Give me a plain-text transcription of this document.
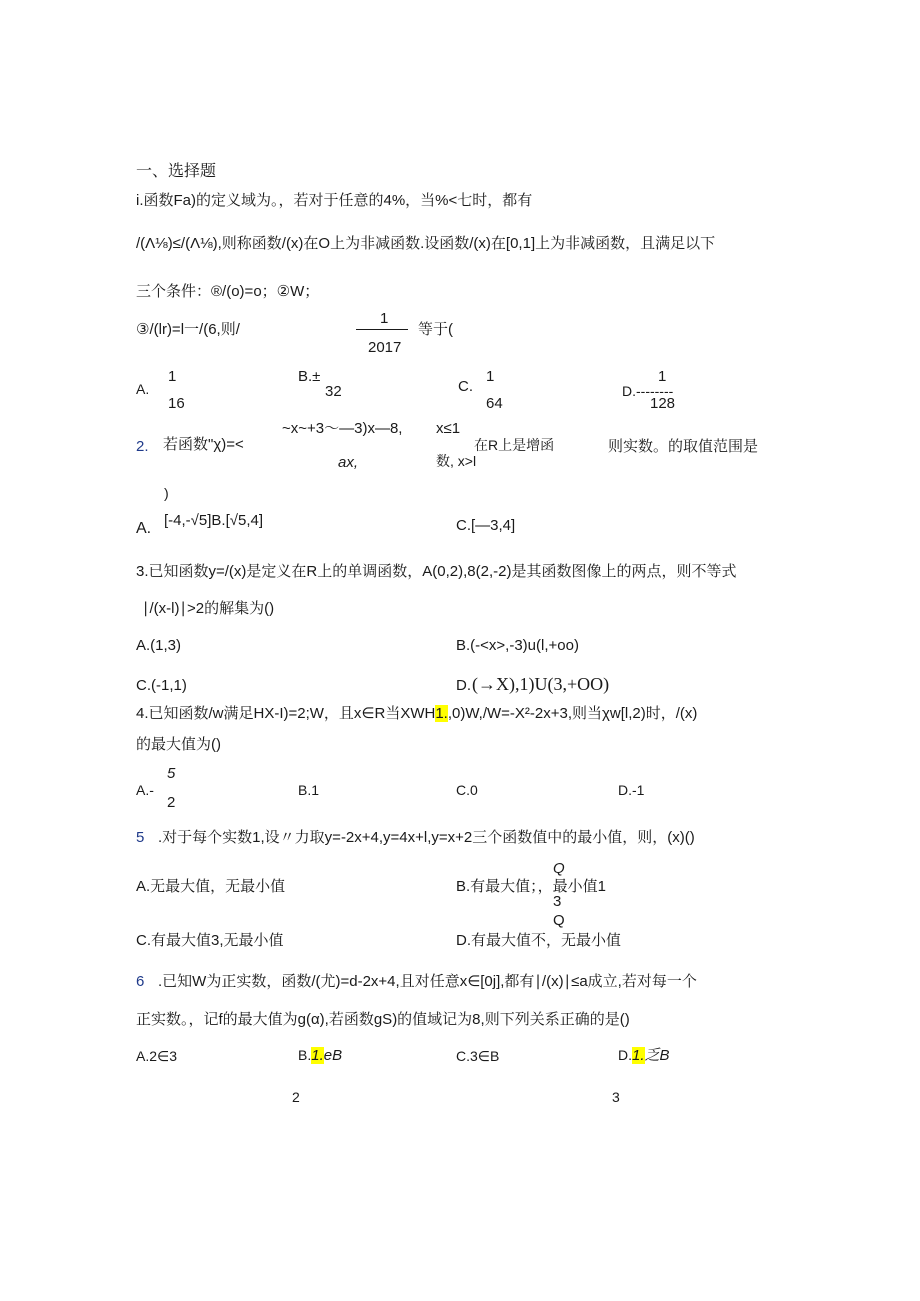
一、选择题
i.函数Fa)的定义域为。，若对于任意的4%，当%<七时，都有
/(Λ⅛)≤/(Λ⅛),则称函数/(x)在O上为非减函数.设函数/(x)在[0,1]上为非减函数，且满足以下
三个条件：®/(o)=o；②W；
③/(lr)=l一/(6,则/
1
2017
等于(
A.
1
16
B.±
32	C.
1
64
1
D.--------
128
2. 若函数"χ)=<
~x~+3〜—3)x—8, x≤1
在R上是增函
ax,	数, x>l
则实数。的取值范围是
)
A. [-4,-√5]B.[√5,4]	C.[—3,4]
3.已知函数y=/(x)是定义在R上的单调函数，A(0,2),8(2,-2)是其函数图像上的两点，则不等式
∣/(x-l)∣>2的解集为()
A.(1,3)	B.(-<x>,-3)u(l,+oo)
C.(-1,1)	D. (→X),1)U(3,+OO)
4.已知函数/w满足HX-I)=2;W，且x∈R当XWH1.,0)W,/W=-X²-2x+3,则当χw[l,2)时，/(x)
的最大值为()
A.-
5
2
B.1	C.0	D.-1
5 .对于每个实数1,设〃力取y=-2x+4,y=4x+l,y=x+2三个函数值中的最小值，则，(x)()
A.无最大值，无最小值
Q
B.有最大值；，最小值1
3
Q
C.有最大值3,无最小值	D.有最大值不，无最小值
6 .已知W为正实数，函数/(尤)=d-2x+4,且对任意x∈[0j],都有∣/(x)∣≤a成立,若对每一个
正实数。，记f的最大值为g(α),若函数gS)的值域记为8,则下列关系正确的是()
A.2∈3	B.1.eB	C.3∈B	D.1.乏B
2	3
